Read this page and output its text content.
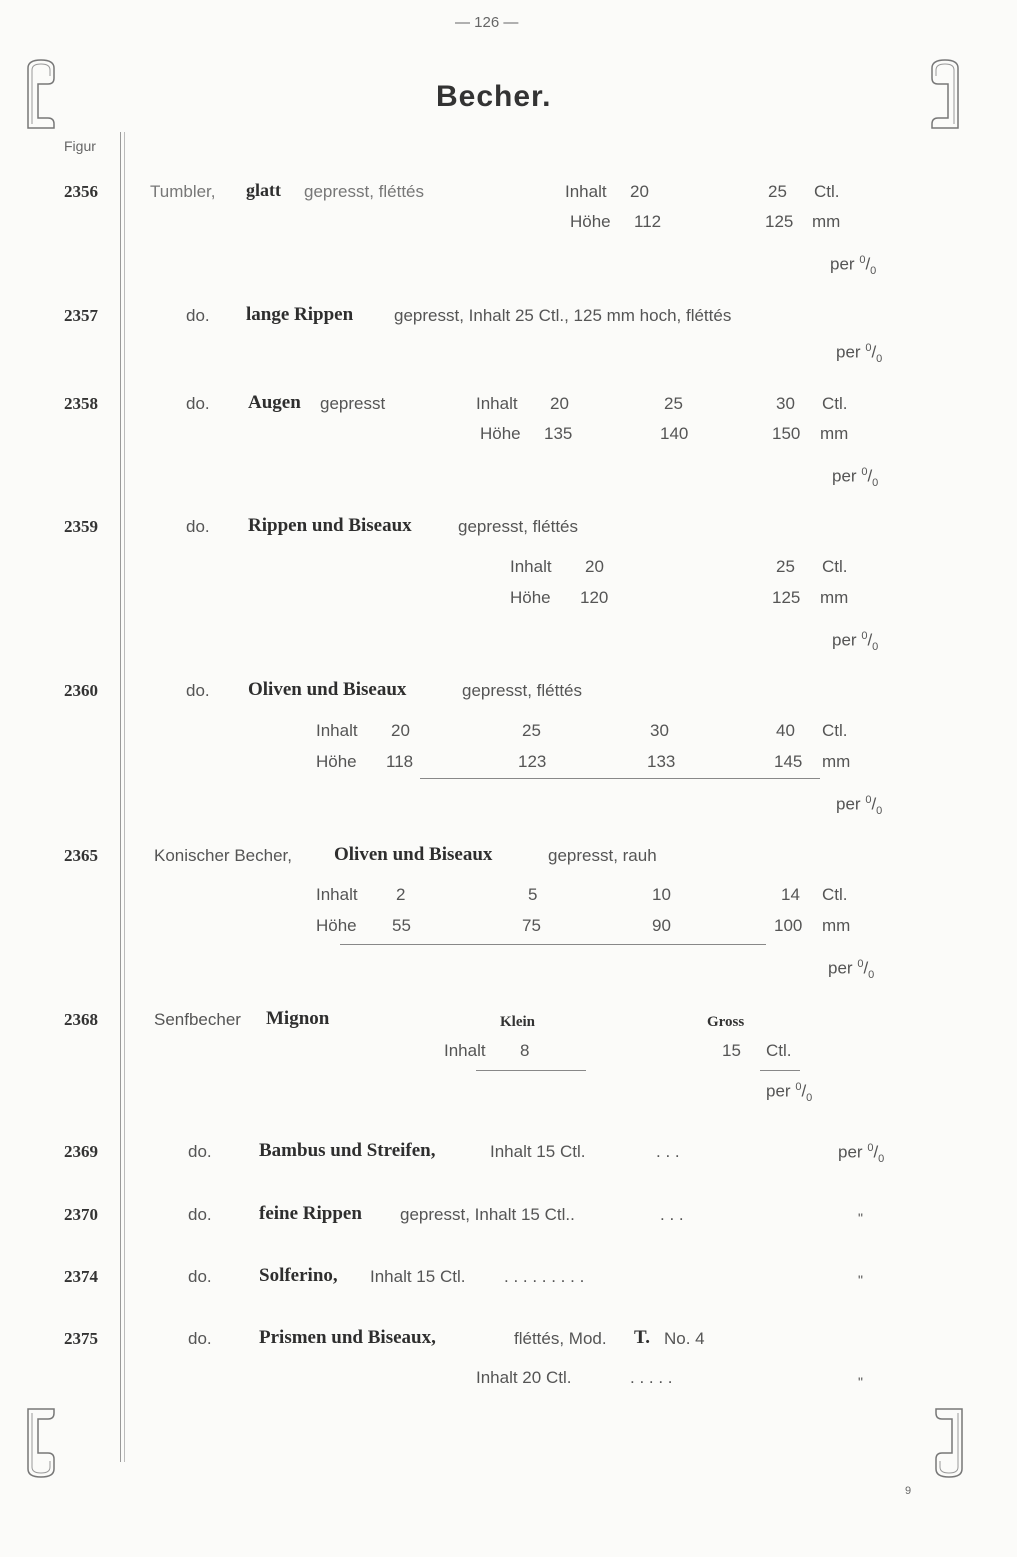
— 126 —
Becher.
Figur
2356	Tumbler, glatt gepresst, fléttés	Inhalt 20	25 Ctl.
Höhe 112	125 mm
per $^0/_0$
2357	do. lange Rippen gepresst, Inhalt 25 Ctl., 125 mm hoch, fléttés
per $^0/_0$
2358	do. Augen gepresst	Inhalt 20	25	30 Ctl.
Höhe 135	140	150 mm
per $^0/_0$
2359	do. Rippen und Biseaux	gepresst, fléttés
Inhalt 20	25 Ctl.
Höhe 120	125 mm
per $^0/_0$
2360	do. Oliven und Biseaux	gepresst, fléttés
Inhalt 20	25	30	40 Ctl.
Höhe 118	123	133	145 mm
per $^0/_0$
2365	Konischer Becher, Oliven und Biseaux	gepresst, rauh
Inhalt 2	5	10	14 Ctl.
Höhe 55	75	90	100 mm
per $^0/_0$
2368	Senfbecher Mignon	Klein	Gross
Inhalt 8	15 Ctl.
per $^0/_0$
2369	do. Bambus und Streifen,	Inhalt 15 Ctl.	. . .	per $^0/_0$
2370	do. feine Rippen gepresst, Inhalt 15 Ctl..	. . .	"
2374	do. Solferino, Inhalt 15 Ctl. . . . . . . . . .	"
2375	do. Prismen und Biseaux,	fléttés, Mod. T. No. 4
Inhalt 20 Ctl.	. . . . .	"
9
